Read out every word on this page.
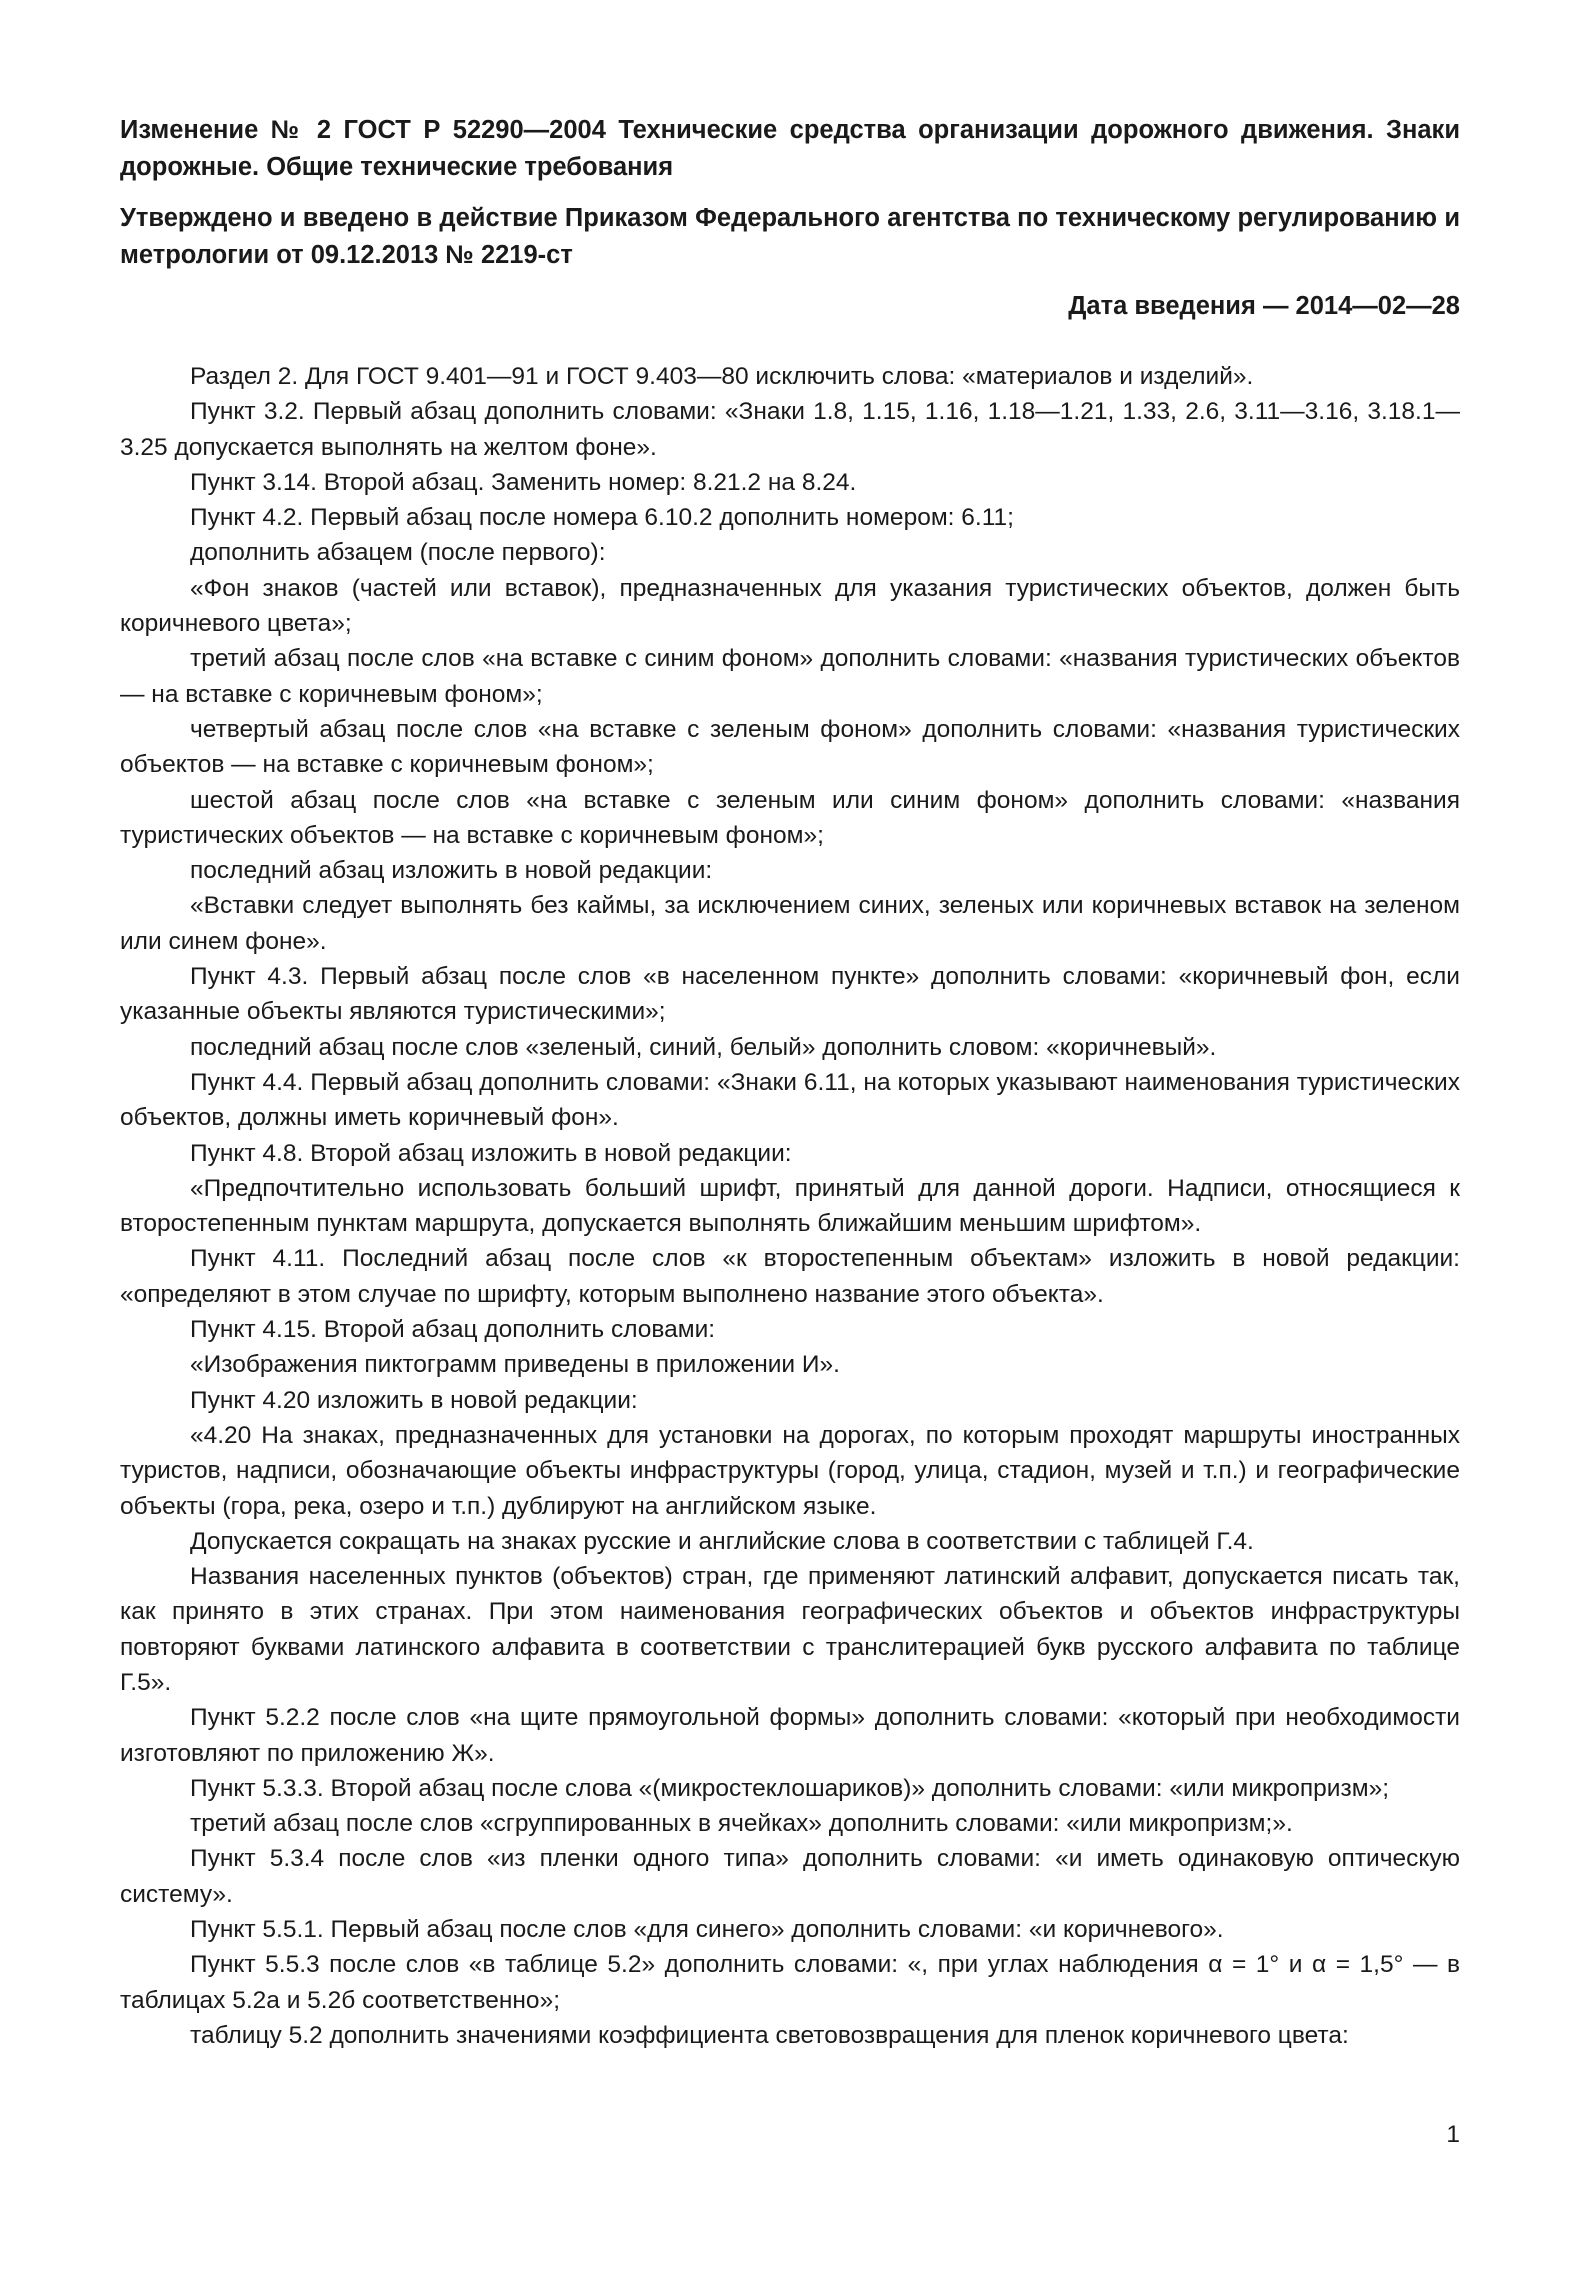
Изменение № 2 ГОСТ Р 52290—2004 Технические средства организации дорожного движения. Знаки дорожные. Общие технические требования

Утверждено и введено в действие Приказом Федерального агентства по техническому регулированию и метрологии от 09.12.2013 № 2219-ст

Дата введения — 2014—02—28

Раздел 2. Для ГОСТ 9.401—91 и ГОСТ 9.403—80 исключить слова: «материалов и изделий».

Пункт 3.2. Первый абзац дополнить словами: «Знаки 1.8, 1.15, 1.16, 1.18—1.21, 1.33, 2.6, 3.11—3.16, 3.18.1—3.25 допускается выполнять на желтом фоне».

Пункт 3.14. Второй абзац. Заменить номер: 8.21.2 на 8.24.

Пункт 4.2. Первый абзац после номера 6.10.2 дополнить номером: 6.11;

дополнить абзацем (после первого):

«Фон знаков (частей или вставок), предназначенных для указания туристических объектов, должен быть коричневого цвета»;

третий абзац после слов «на вставке с синим фоном» дополнить словами: «названия туристических объектов — на вставке с коричневым фоном»;

четвертый абзац после слов «на вставке с зеленым фоном» дополнить словами: «названия туристических объектов — на вставке с коричневым фоном»;

шестой абзац после слов «на вставке с зеленым или синим фоном» дополнить словами: «названия туристических объектов — на вставке с коричневым фоном»;

последний абзац изложить в новой редакции:

«Вставки следует выполнять без каймы, за исключением синих, зеленых или коричневых вставок на зеленом или синем фоне».

Пункт 4.3. Первый абзац после слов «в населенном пункте» дополнить словами: «коричневый фон, если указанные объекты являются туристическими»;

последний абзац после слов «зеленый, синий, белый» дополнить словом: «коричневый».

Пункт 4.4. Первый абзац дополнить словами: «Знаки 6.11, на которых указывают наименования туристических объектов, должны иметь коричневый фон».

Пункт 4.8. Второй абзац изложить в новой редакции:

«Предпочтительно использовать больший шрифт, принятый для данной дороги. Надписи, относящиеся к второстепенным пунктам маршрута, допускается выполнять ближайшим меньшим шрифтом».

Пункт 4.11. Последний абзац после слов «к второстепенным объектам» изложить в новой редакции: «определяют в этом случае по шрифту, которым выполнено название этого объекта».

Пункт 4.15. Второй абзац дополнить словами:

«Изображения пиктограмм приведены в приложении И».

Пункт 4.20 изложить в новой редакции:

«4.20 На знаках, предназначенных для установки на дорогах, по которым проходят маршруты иностранных туристов, надписи, обозначающие объекты инфраструктуры (город, улица, стадион, музей и т.п.) и географические объекты (гора, река, озеро и т.п.) дублируют на английском языке.

Допускается сокращать на знаках русские и английские слова в соответствии с таблицей Г.4.

Названия населенных пунктов (объектов) стран, где применяют латинский алфавит, допускается писать так, как принято в этих странах. При этом наименования географических объектов и объектов инфраструктуры повторяют буквами латинского алфавита в соответствии с транслитерацией букв русского алфавита по таблице Г.5».

Пункт 5.2.2 после слов «на щите прямоугольной формы» дополнить словами: «который при необходимости изготовляют по приложению Ж».

Пункт 5.3.3. Второй абзац после слова «(микростеклошариков)» дополнить словами: «или микропризм»;

третий абзац после слов «сгруппированных в ячейках» дополнить словами: «или микропризм;».

Пункт 5.3.4 после слов «из пленки одного типа» дополнить словами: «и иметь одинаковую оптическую систему».

Пункт 5.5.1. Первый абзац после слов «для синего» дополнить словами: «и коричневого».

Пункт 5.5.3 после слов «в таблице 5.2» дополнить словами: «, при углах наблюдения α = 1° и α = 1,5° — в таблицах 5.2а и 5.2б соответственно»;

таблицу 5.2 дополнить значениями коэффициента световозвращения для пленок коричневого цвета:

1
